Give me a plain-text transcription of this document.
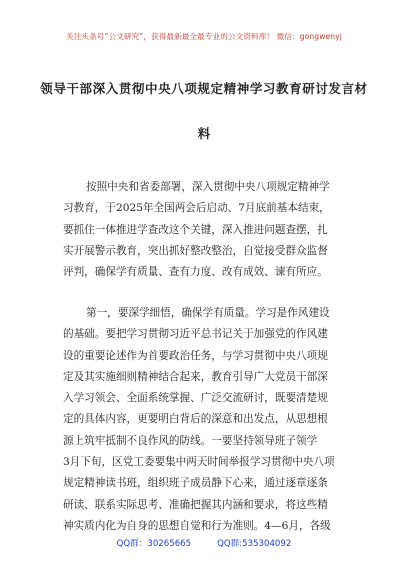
关注头条号“公文研究”，获得最新最全最专业的公文资料库！ 微信：gongwenyj
领导干部深入贯彻中央八项规定精神学习教育研讨发言材
料
按照中央和省委部署，深入贯彻中央八项规定精神学
习教育，于2025年全国两会后启动、7月底前基本结束，
要抓住一体推进学查改这个关键，深入推进问题查摆，扎
实开展警示教育，突出抓好整改整治，自觉接受群众监督
评判，确保学有质量、查有力度、改有成效、谏有所应。
第一，要深学细悟，确保学有质量。学习是作风建设
的基础。要把学习贯彻习近平总书记关于加强党的作风建
设的重要论述作为首要政治任务，与学习贯彻中央八项规
定及其实施细则精神结合起来，教育引导广大党员干部深
入学习领会、全面系统掌握、广泛交流研讨，既要清楚规
定的具体内容，更要明白背后的深意和出发点，从思想根
源上筑牢抵制不良作风的防线。一要坚持领导班子领学
3月下旬，区党工委要集中两天时间举报学习贯彻中央八项
规定精神读书班，组织班子成员静下心来，通过逐章逐条
研读、联系实际思考、准确把握其内涵和要求，将这些精
神实质内化为自身的思想自觉和行为准则。4—6月，各级
QQ群：30265665	QQ群:535304092
